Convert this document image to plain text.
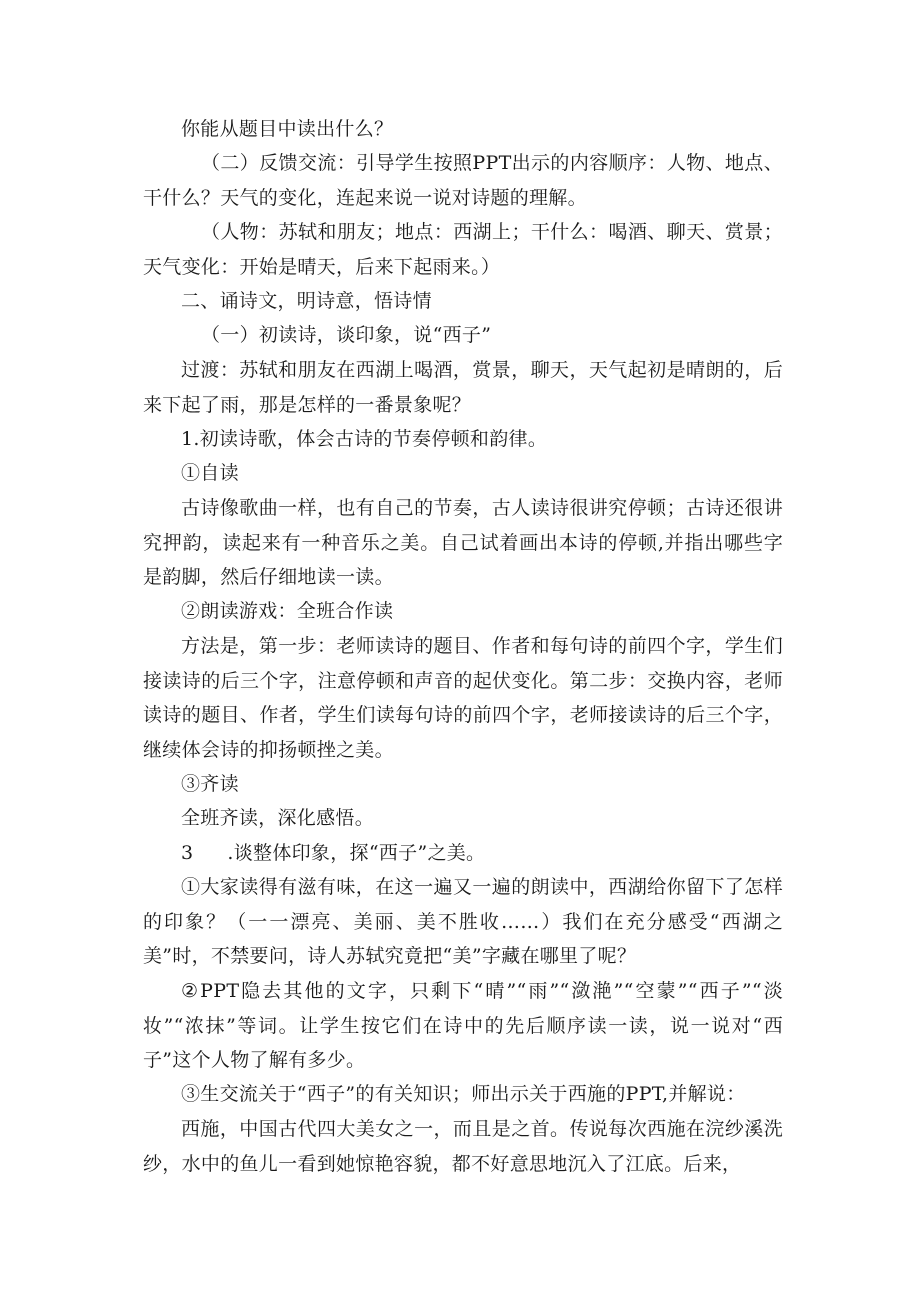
你能从题目中读出什么？

（二）反馈交流：引导学生按照PPT出示的内容顺序：人物、地点、干什么？天气的变化，连起来说一说对诗题的理解。

（人物：苏轼和朋友；地点：西湖上；干什么：喝酒、聊天、赏景；天气变化：开始是晴天，后来下起雨来。）

二、诵诗文，明诗意，悟诗情

（一）初读诗，谈印象，说“西子”

过渡：苏轼和朋友在西湖上喝酒，赏景，聊天，天气起初是晴朗的，后来下起了雨，那是怎样的一番景象呢？

1.初读诗歌，体会古诗的节奏停顿和韵律。

①自读

古诗像歌曲一样，也有自己的节奏，古人读诗很讲究停顿；古诗还很讲究押韵，读起来有一种音乐之美。自己试着画出本诗的停顿,并指出哪些字是韵脚，然后仔细地读一读。

②朗读游戏：全班合作读

方法是，第一步：老师读诗的题目、作者和每句诗的前四个字，学生们接读诗的后三个字，注意停顿和声音的起伏变化。第二步：交换内容，老师读诗的题目、作者，学生们读每句诗的前四个字，老师接读诗的后三个字，继续体会诗的抑扬顿挫之美。

③齐读

全班齐读，深化感悟。

3 .谈整体印象，探“西子”之美。

①大家读得有滋有味，在这一遍又一遍的朗读中，西湖给你留下了怎样的印象？（一一漂亮、美丽、美不胜收……）我们在充分感受“西湖之美”时，不禁要问，诗人苏轼究竟把“美”字藏在哪里了呢？

②PPT隐去其他的文字，只剩下“晴”“雨”“潋滟”“空蒙”“西子”“淡妆”“浓抹”等词。让学生按它们在诗中的先后顺序读一读，说一说对“西子”这个人物了解有多少。

③生交流关于“西子”的有关知识；师出示关于西施的PPT,并解说：

西施，中国古代四大美女之一，而且是之首。传说每次西施在浣纱溪洗纱，水中的鱼儿一看到她惊艳容貌，都不好意思地沉入了江底。后来，
